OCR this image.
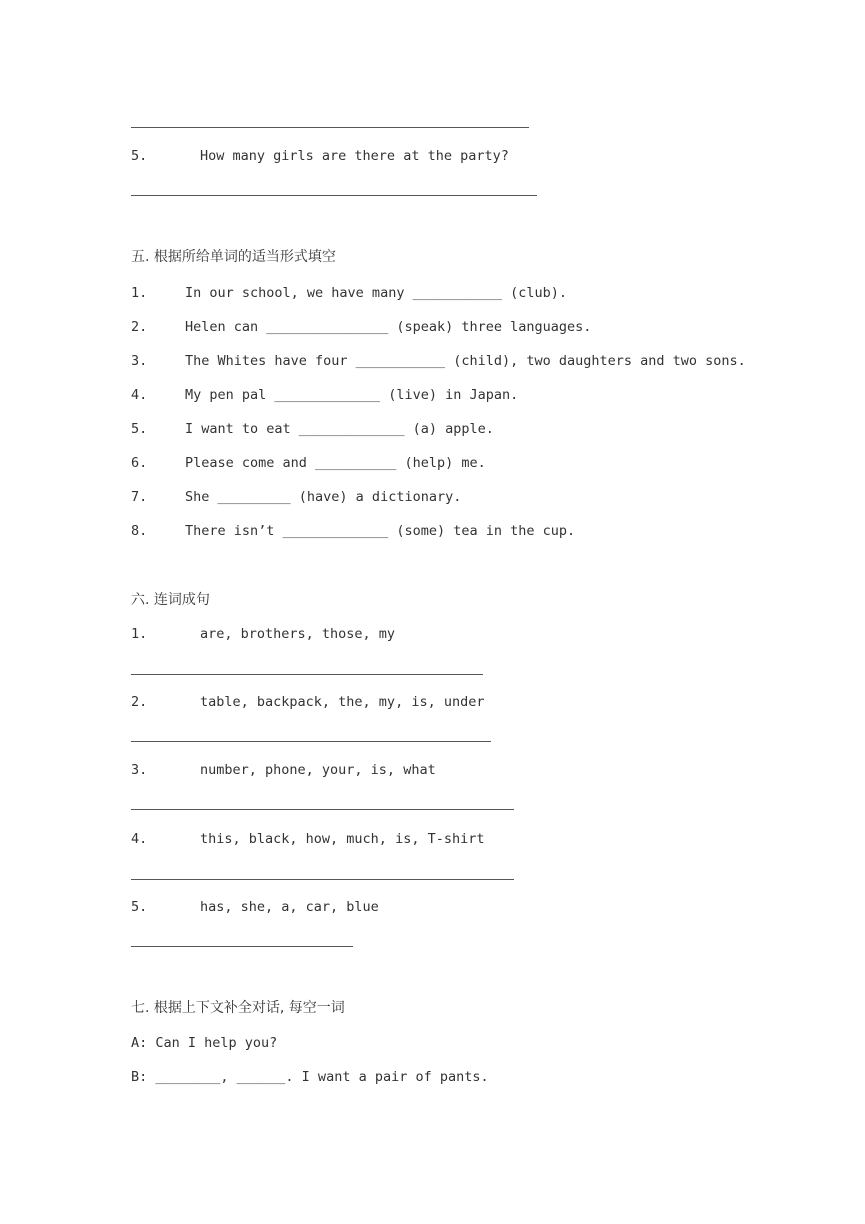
5.	How many girls are there at the party?
五. 根据所给单词的适当形式填空
1.	In our school, we have many ___________ (club).
2.	Helen can _______________ (speak) three languages.
3.	The Whites have four ___________ (child), two daughters and two sons.
4.	My pen pal _____________ (live) in Japan.
5.	I want to eat _____________ (a) apple.
6.	Please come and __________ (help) me.
7.	She _________ (have) a dictionary.
8.	There isn’t _____________ (some) tea in the cup.
六. 连词成句
1.	are, brothers, those, my
2.	table, backpack, the, my, is, under
3.	number, phone, your, is, what
4.	this, black, how, much, is, T-shirt
5.	has, she, a, car, blue
七. 根据上下文补全对话, 每空一词
A: Can I help you?
B: ________, ______. I want a pair of pants.
